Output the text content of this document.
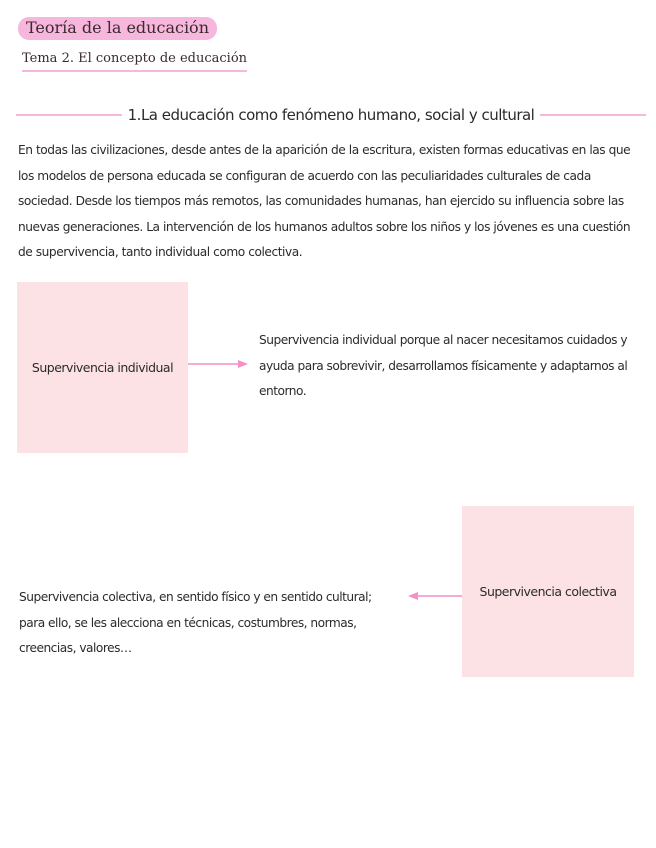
Teoría de la educación
Tema 2. El concepto de educación
1.La educación como fenómeno humano, social y cultural

En todas las civilizaciones, desde antes de la aparición de la escritura, existen formas educativas en las que los modelos de persona educada se configuran de acuerdo con las peculiaridades culturales de cada sociedad. Desde los tiempos más remotos, las comunidades humanas, han ejercido su influencia sobre las nuevas generaciones. La intervención de los humanos adultos sobre los niños y los jóvenes es una cuestión de supervivencia, tanto individual como colectiva.

Supervivencia individual

Supervivencia individual porque al nacer necesitamos cuidados y ayuda para sobrevivir, desarrollamos físicamente y adaptarnos al entorno.

Supervivencia colectiva, en sentido físico y en sentido cultural; para ello, se les alecciona en técnicas, costumbres, normas, creencias, valores…

Supervivencia colectiva
